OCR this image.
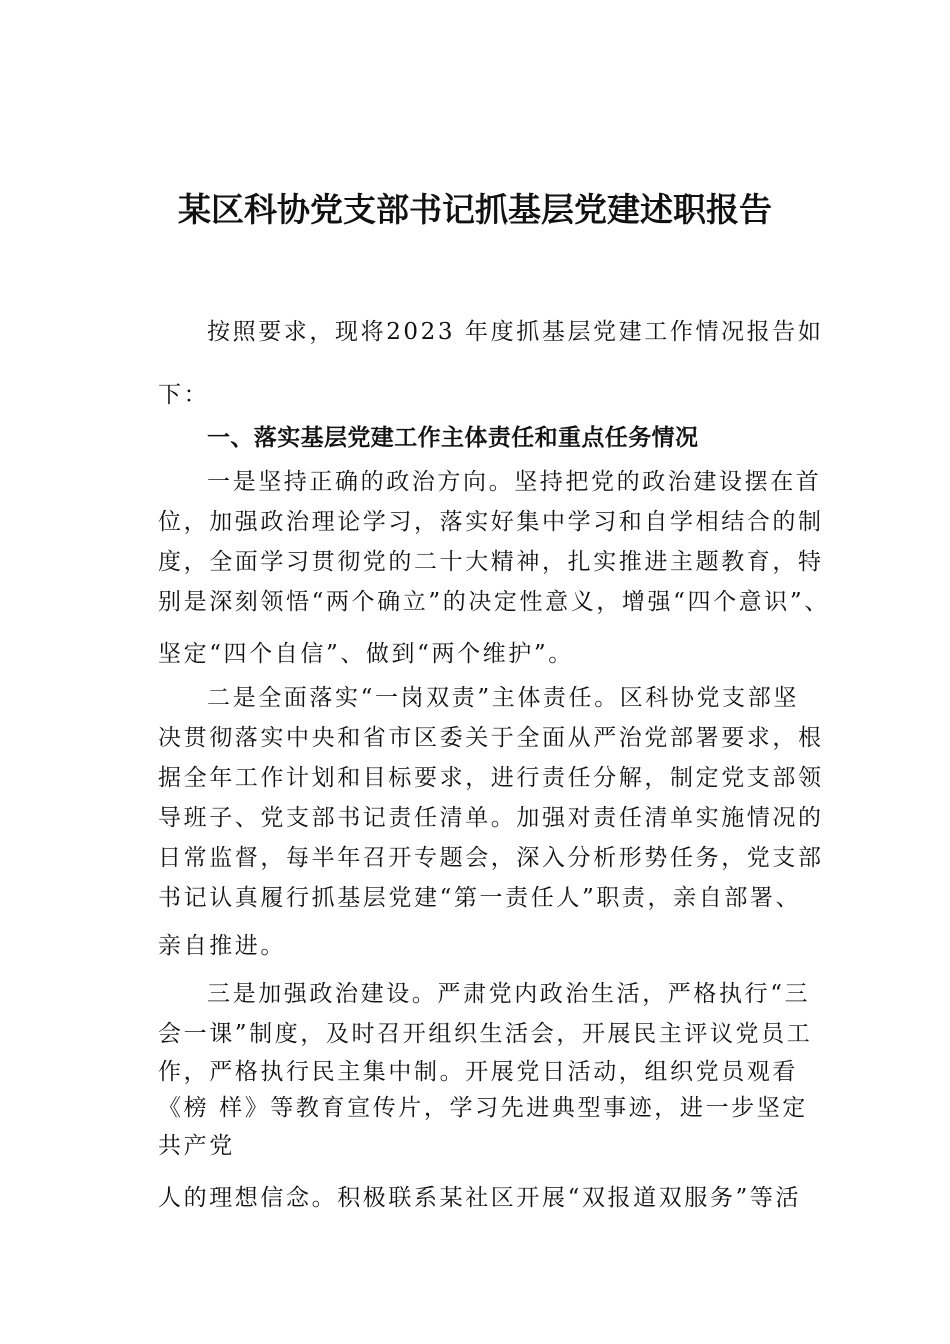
某区科协党支部书记抓基层党建述职报告
按照要求，现将2023 年度抓基层党建工作情况报告如
下：
一、落实基层党建工作主体责任和重点任务情况
一是坚持正确的政治方向。坚持把党的政治建设摆在首
位，加强政治理论学习，落实好集中学习和自学相结合的制
度，全面学习贯彻党的二十大精神，扎实推进主题教育，特
别是深刻领悟“两个确立”的决定性意义，增强“四个意识”、
坚定“四个自信”、做到“两个维护”。
二是全面落实“一岗双责”主体责任。区科协党支部坚
决贯彻落实中央和省市区委关于全面从严治党部署要求，根
据全年工作计划和目标要求，进行责任分解，制定党支部领
导班子、党支部书记责任清单。加强对责任清单实施情况的
日常监督，每半年召开专题会，深入分析形势任务，党支部
书记认真履行抓基层党建“第一责任人”职责，亲自部署、
亲自推进。
三是加强政治建设。严肃党内政治生活，严格执行“三
会一课”制度，及时召开组织生活会，开展民主评议党员工
作，严格执行民主集中制。开展党日活动，组织党员观看
《榜 样》等教育宣传片，学习先进典型事迹，进一步坚定
共产党
人的理想信念。积极联系某社区开展“双报道双服务”等活
